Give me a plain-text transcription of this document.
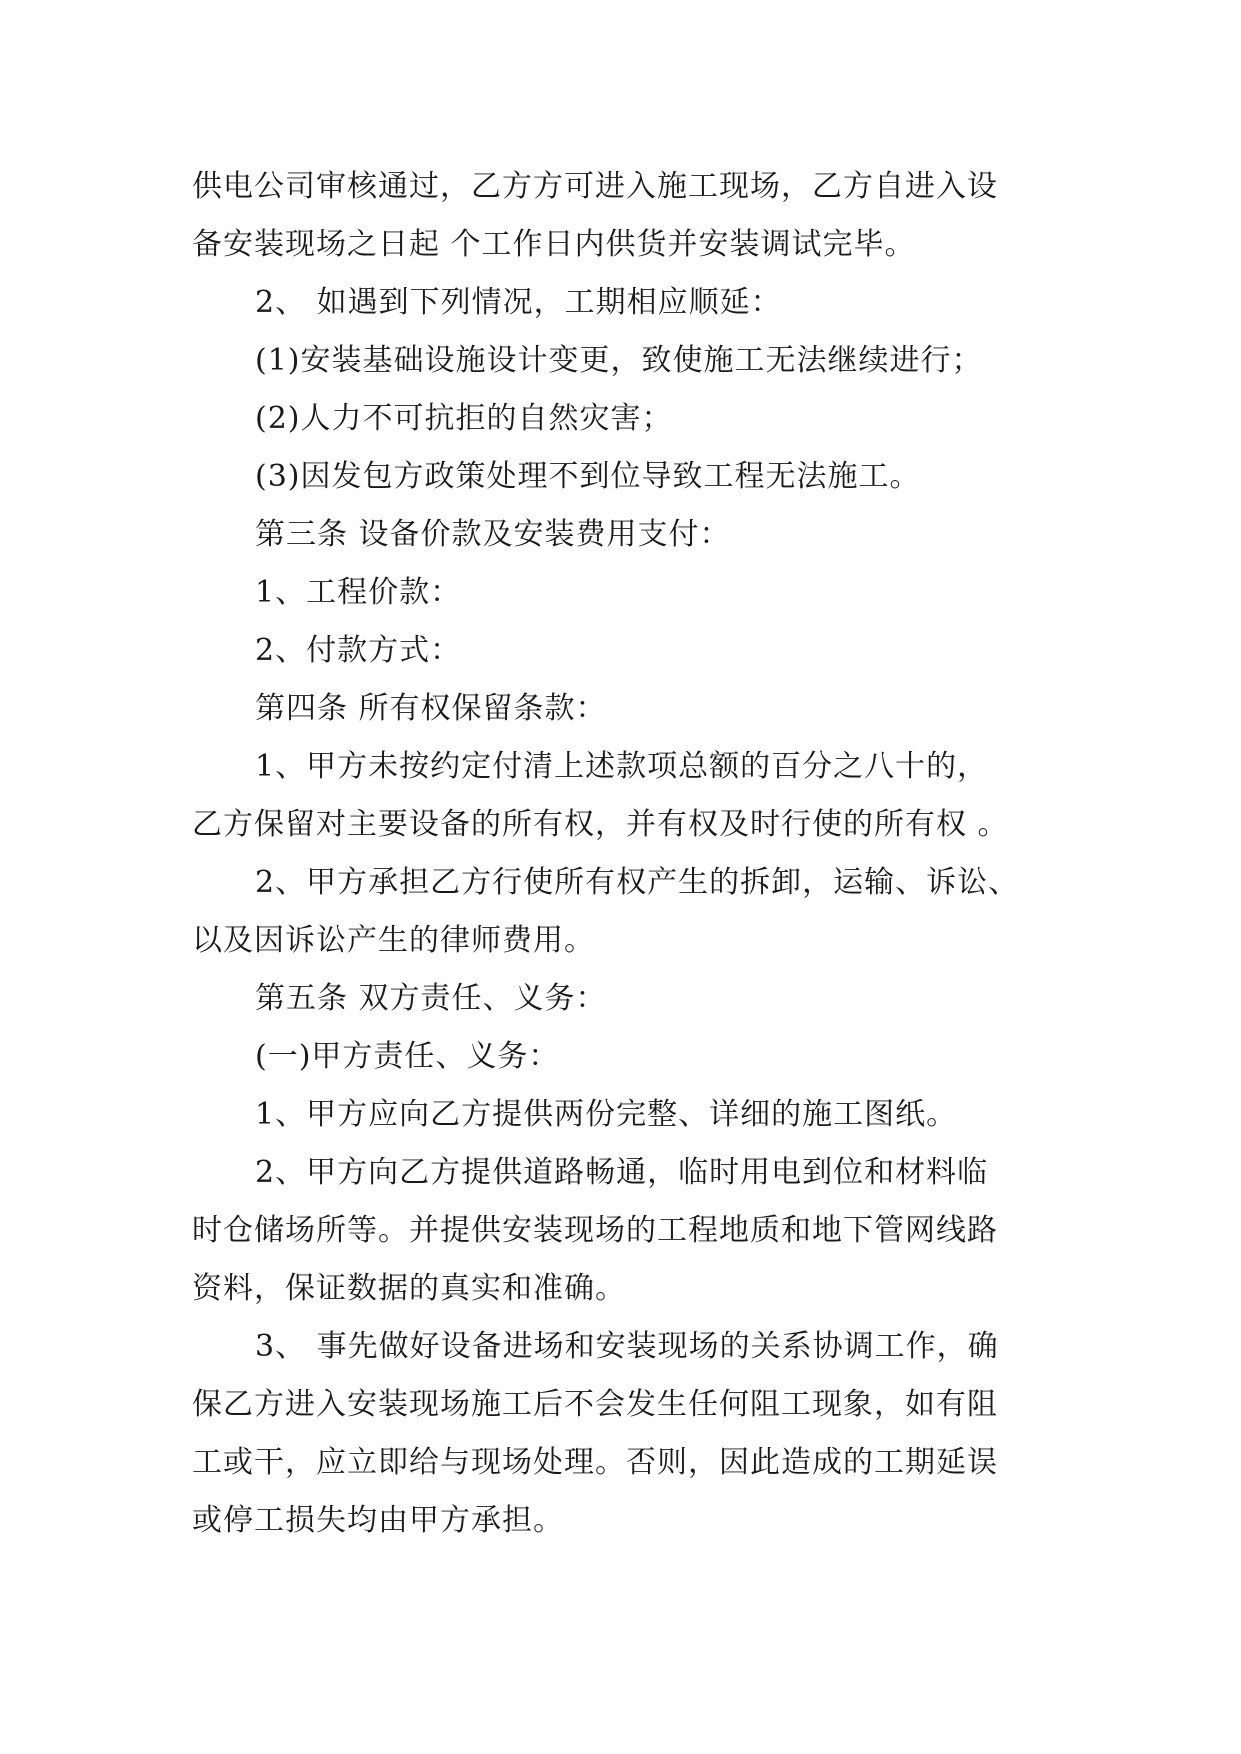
供电公司审核通过，乙方方可进入施工现场，乙方自进入设
备安装现场之日起 个工作日内供货并安装调试完毕。
2、 如遇到下列情况，工期相应顺延：
(1)安装基础设施设计变更，致使施工无法继续进行；
(2)人力不可抗拒的自然灾害；
(3)因发包方政策处理不到位导致工程无法施工。
第三条 设备价款及安装费用支付：
1、工程价款：
2、付款方式：
第四条 所有权保留条款：
1、甲方未按约定付清上述款项总额的百分之八十的，
乙方保留对主要设备的所有权，并有权及时行使的所有权 。
2、甲方承担乙方行使所有权产生的拆卸，运输、诉讼、
以及因诉讼产生的律师费用。
第五条 双方责任、义务：
(一)甲方责任、义务：
1、甲方应向乙方提供两份完整、详细的施工图纸。
2、甲方向乙方提供道路畅通，临时用电到位和材料临
时仓储场所等。并提供安装现场的工程地质和地下管网线路
资料，保证数据的真实和准确。
3、 事先做好设备进场和安装现场的关系协调工作，确
保乙方进入安装现场施工后不会发生任何阻工现象，如有阻
工或干，应立即给与现场处理。否则，因此造成的工期延误
或停工损失均由甲方承担。
